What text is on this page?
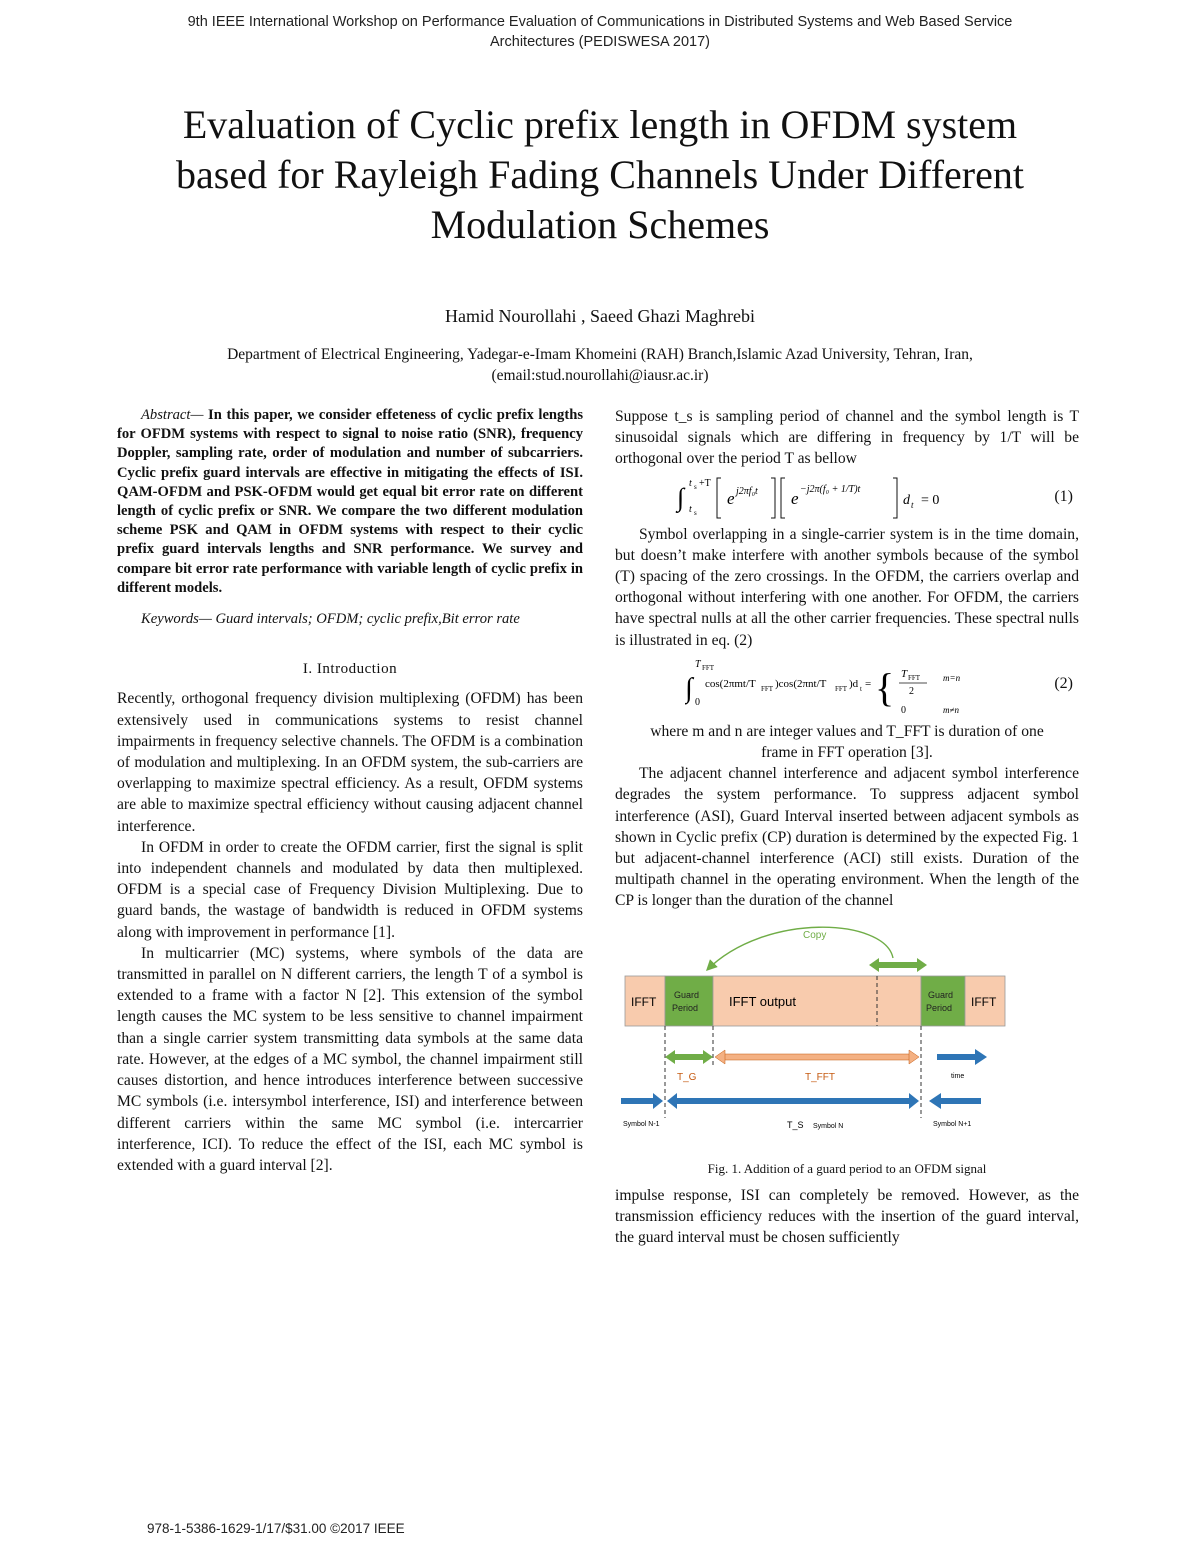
9th IEEE International Workshop on Performance Evaluation of Communications in Distributed Systems and Web Based Service
Architectures (PEDISWESA 2017)
Evaluation of Cyclic prefix length in OFDM system
based for Rayleigh Fading Channels Under Different
Modulation Schemes
Hamid Nourollahi , Saeed Ghazi Maghrebi
Department of Electrical Engineering, Yadegar-e-Imam Khomeini (RAH) Branch,Islamic Azad University, Tehran, Iran,
(email:stud.nourollahi@iausr.ac.ir)

Abstract— In this paper, we consider effeteness of cyclic prefix lengths for OFDM systems with respect to signal to noise ratio (SNR), frequency Doppler, sampling rate, order of modulation and number of subcarriers. Cyclic prefix guard intervals are effective in mitigating the effects of ISI. QAM-OFDM and PSK-OFDM would get equal bit error rate on different length of cyclic prefix or SNR. We compare the two different modulation scheme PSK and QAM in OFDM systems with respect to their cyclic prefix guard intervals lengths and SNR performance. We survey and compare bit error rate performance with variable length of cyclic prefix in different models.

Keywords— Guard intervals; OFDM; cyclic prefix,Bit error rate

I. Introduction

Recently, orthogonal frequency division multiplexing (OFDM) has been extensively used in communications systems to resist channel impairments in frequency selective channels. The OFDM is a combination of modulation and multiplexing. In an OFDM system, the sub-carriers are overlapping to maximize spectral efficiency. As a result, OFDM systems are able to maximize spectral efficiency without causing adjacent channel interference.

In OFDM in order to create the OFDM carrier, first the signal is split into independent channels and modulated by data then multiplexed. OFDM is a special case of Frequency Division Multiplexing. Due to guard bands, the wastage of bandwidth is reduced in OFDM systems along with improvement in performance [1].

In multicarrier (MC) systems, where symbols of the data are transmitted in parallel on N different carriers, the length T of a symbol is extended to a frame with a factor N [2]. This extension of the symbol length causes the MC system to be less sensitive to channel impairment than a single carrier system transmitting data symbols at the same data rate. However, at the edges of a MC symbol, the channel impairment still causes distortion, and hence introduces interference between successive MC symbols (i.e. intersymbol interference, ISI) and interference between different carriers within the same MC symbol (i.e. intercarrier interference, ICI). To reduce the effect of the ISI, each MC symbol is extended with a guard interval [2].

Suppose t_s is sampling period of channel and the symbol length is T sinusoidal signals which are differing in frequency by 1/T will be orthogonal over the period T as bellow

∫ t s +T
t s
e j2πf₀t e −j2π(f₀ + 1/T)t
d t = 0	(1)

Symbol overlapping in a single-carrier system is in the time domain, but doesn’t make interfere with another symbols because of the symbol (T) spacing of the zero crossings. In the OFDM, the carriers overlap and orthogonal without interfering with one another. For OFDM, the carriers have spectral nulls at all the other carrier frequencies. These spectral nulls is illustrated in eq. (2)

∫
T FFT
0
cos(2πmt/T FFT )cos(2πnt/T FFT )d t = { T FFT
2
m=n
0	m≠n
(2)

where m and n are integer values and T_FFT is duration of one

frame in FFT operation [3].

The adjacent channel interference and adjacent symbol interference degrades the system performance. To suppress adjacent symbol interference (ASI), Guard Interval inserted between adjacent symbols as shown in Cyclic prefix (CP) duration is determined by the expected Fig. 1 but adjacent-channel interference (ACI) still exists. Duration of the multipath channel in the operating environment. When the length of the CP is longer than the duration of the channel

Copy
IFFT Guard
Period IFFT output	Guard
Period IFFT
T_G	T_FFT	time
Symbol N-1	T_S Symbol N	Symbol N+1

Fig. 1. Addition of a guard period to an OFDM signal

impulse response, ISI can completely be removed. However, as the transmission efficiency reduces with the insertion of the guard interval, the guard interval must be chosen sufficiently

978-1-5386-1629-1/17/$31.00 ©2017 IEEE
